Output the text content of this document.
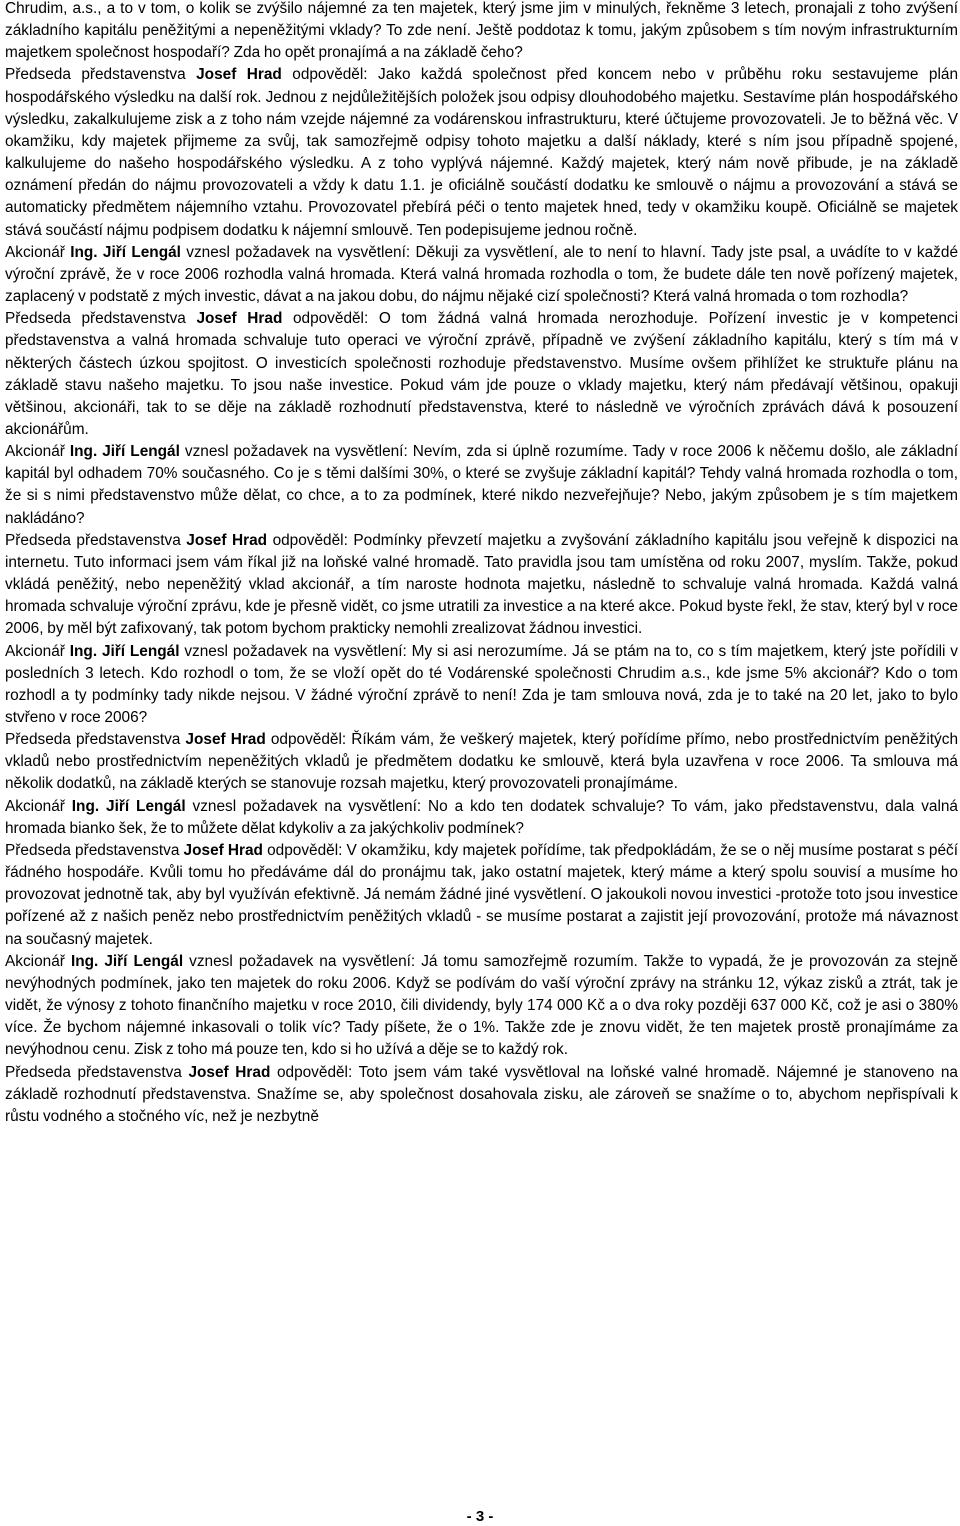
Chrudim, a.s., a to v tom, o kolik se zvýšilo nájemné za ten majetek, který jsme jim v minulých, řekněme 3 letech, pronajali z toho zvýšení základního kapitálu peněžitými a nepeněžitými vklady? To zde není. Ještě poddotaz k tomu, jakým způsobem s tím novým infrastrukturním majetkem společnost hospodaří? Zda ho opět pronajímá a na základě čeho?

Předseda představenstva Josef Hrad odpověděl: Jako každá společnost před koncem nebo v průběhu roku sestavujeme plán hospodářského výsledku na další rok. Jednou z nejdůležitějších položek jsou odpisy dlouhodobého majetku. Sestavíme plán hospodářského výsledku, zakalkulujeme zisk a z toho nám vzejde nájemné za vodárenskou infrastrukturu, které účtujeme provozovateli. Je to běžná věc. V okamžiku, kdy majetek přijmeme za svůj, tak samozřejmě odpisy tohoto majetku a další náklady, které s ním jsou případně spojené, kalkulujeme do našeho hospodářského výsledku. A z toho vyplývá nájemné. Každý majetek, který nám nově přibude, je na základě oznámení předán do nájmu provozovateli a vždy k datu 1.1. je oficiálně součástí dodatku ke smlouvě o nájmu a provozování a stává se automaticky předmětem nájemního vztahu. Provozovatel přebírá péči o tento majetek hned, tedy v okamžiku koupě. Oficiálně se majetek stává součástí nájmu podpisem dodatku k nájemní smlouvě. Ten podepisujeme jednou ročně.

Akcionář Ing. Jiří Lengál vznesl požadavek na vysvětlení: Děkuji za vysvětlení, ale to není to hlavní. Tady jste psal, a uvádíte to v každé výroční zprávě, že v roce 2006 rozhodla valná hromada. Která valná hromada rozhodla o tom, že budete dále ten nově pořízený majetek, zaplacený v podstatě z mých investic, dávat a na jakou dobu, do nájmu nějaké cizí společnosti? Která valná hromada o tom rozhodla?

Předseda představenstva Josef Hrad odpověděl: O tom žádná valná hromada nerozhoduje. Pořízení investic je v kompetenci představenstva a valná hromada schvaluje tuto operaci ve výroční zprávě, případně ve zvýšení základního kapitálu, který s tím má v některých částech úzkou spojitost. O investicích společnosti rozhoduje představenstvo. Musíme ovšem přihlížet ke struktuře plánu na základě stavu našeho majetku. To jsou naše investice. Pokud vám jde pouze o vklady majetku, který nám předávají většinou, opakuji většinou, akcionáři, tak to se děje na základě rozhodnutí představenstva, které to následně ve výročních zprávách dává k posouzení akcionářům.

Akcionář Ing. Jiří Lengál vznesl požadavek na vysvětlení: Nevím, zda si úplně rozumíme. Tady v roce 2006 k něčemu došlo, ale základní kapitál byl odhadem 70% současného. Co je s těmi dalšími 30%, o které se zvyšuje základní kapitál? Tehdy valná hromada rozhodla o tom, že si s nimi představenstvo může dělat, co chce, a to za podmínek, které nikdo nezveřejňuje? Nebo, jakým způsobem je s tím majetkem nakládáno?

Předseda představenstva Josef Hrad odpověděl: Podmínky převzetí majetku a zvyšování základního kapitálu jsou veřejně k dispozici na internetu. Tuto informaci jsem vám říkal již na loňské valné hromadě. Tato pravidla jsou tam umístěna od roku 2007, myslím. Takže, pokud vkládá peněžitý, nebo nepeněžitý vklad akcionář, a tím naroste hodnota majetku, následně to schvaluje valná hromada. Každá valná hromada schvaluje výroční zprávu, kde je přesně vidět, co jsme utratili za investice a na které akce. Pokud byste řekl, že stav, který byl v roce 2006, by měl být zafixovaný, tak potom bychom prakticky nemohli zrealizovat žádnou investici.

Akcionář Ing. Jiří Lengál vznesl požadavek na vysvětlení: My si asi nerozumíme. Já se ptám na to, co s tím majetkem, který jste pořídili v posledních 3 letech. Kdo rozhodl o tom, že se vloží opět do té Vodárenské společnosti Chrudim a.s., kde jsme 5% akcionář? Kdo o tom rozhodl a ty podmínky tady nikde nejsou. V žádné výroční zprávě to není! Zda je tam smlouva nová, zda je to také na 20 let, jako to bylo stvřeno v roce 2006?

Předseda představenstva Josef Hrad odpověděl: Říkám vám, že veškerý majetek, který pořídíme přímo, nebo prostřednictvím peněžitých vkladů nebo prostřednictvím nepeněžitých vkladů je předmětem dodatku ke smlouvě, která byla uzavřena v roce 2006. Ta smlouva má několik dodatků, na základě kterých se stanovuje rozsah majetku, který provozovateli pronajímáme.

Akcionář Ing. Jiří Lengál vznesl požadavek na vysvětlení: No a kdo ten dodatek schvaluje? To vám, jako představenstvu, dala valná hromada bianko šek, že to můžete dělat kdykoliv a za jakýchkoliv podmínek?

Předseda představenstva Josef Hrad odpověděl: V okamžiku, kdy majetek pořídíme, tak předpokládám, že se o něj musíme postarat s péčí řádného hospodáře. Kvůli tomu ho předáváme dál do pronájmu tak, jako ostatní majetek, který máme a který spolu souvisí a musíme ho provozovat jednotně tak, aby byl využíván efektivně. Já nemám žádné jiné vysvětlení. O jakoukoli novou investici -protože toto jsou investice pořízené až z našich peněz nebo prostřednictvím peněžitých vkladů - se musíme postarat a zajistit její provozování, protože má návaznost na současný majetek.

Akcionář Ing. Jiří Lengál vznesl požadavek na vysvětlení: Já tomu samozřejmě rozumím. Takže to vypadá, že je provozován za stejně nevýhodných podmínek, jako ten majetek do roku 2006. Když se podívám do vaší výroční zprávy na stránku 12, výkaz zisků a ztrát, tak je vidět, že výnosy z tohoto finančního majetku v roce 2010, čili dividendy, byly 174 000 Kč a o dva roky později 637 000 Kč, což je asi o 380% více. Že bychom nájemné inkasovali o tolik víc? Tady píšete, že o 1%. Takže zde je znovu vidět, že ten majetek prostě pronajímáme za nevýhodnou cenu. Zisk z toho má pouze ten, kdo si ho užívá a děje se to každý rok.

Předseda představenstva Josef Hrad odpověděl: Toto jsem vám také vysvětloval na loňské valné hromadě. Nájemné je stanoveno na základě rozhodnutí představenstva. Snažíme se, aby společnost dosahovala zisku, ale zároveň se snažíme o to, abychom nepřispívali k růstu vodného a stočného víc, než je nezbytně

- 3 -
